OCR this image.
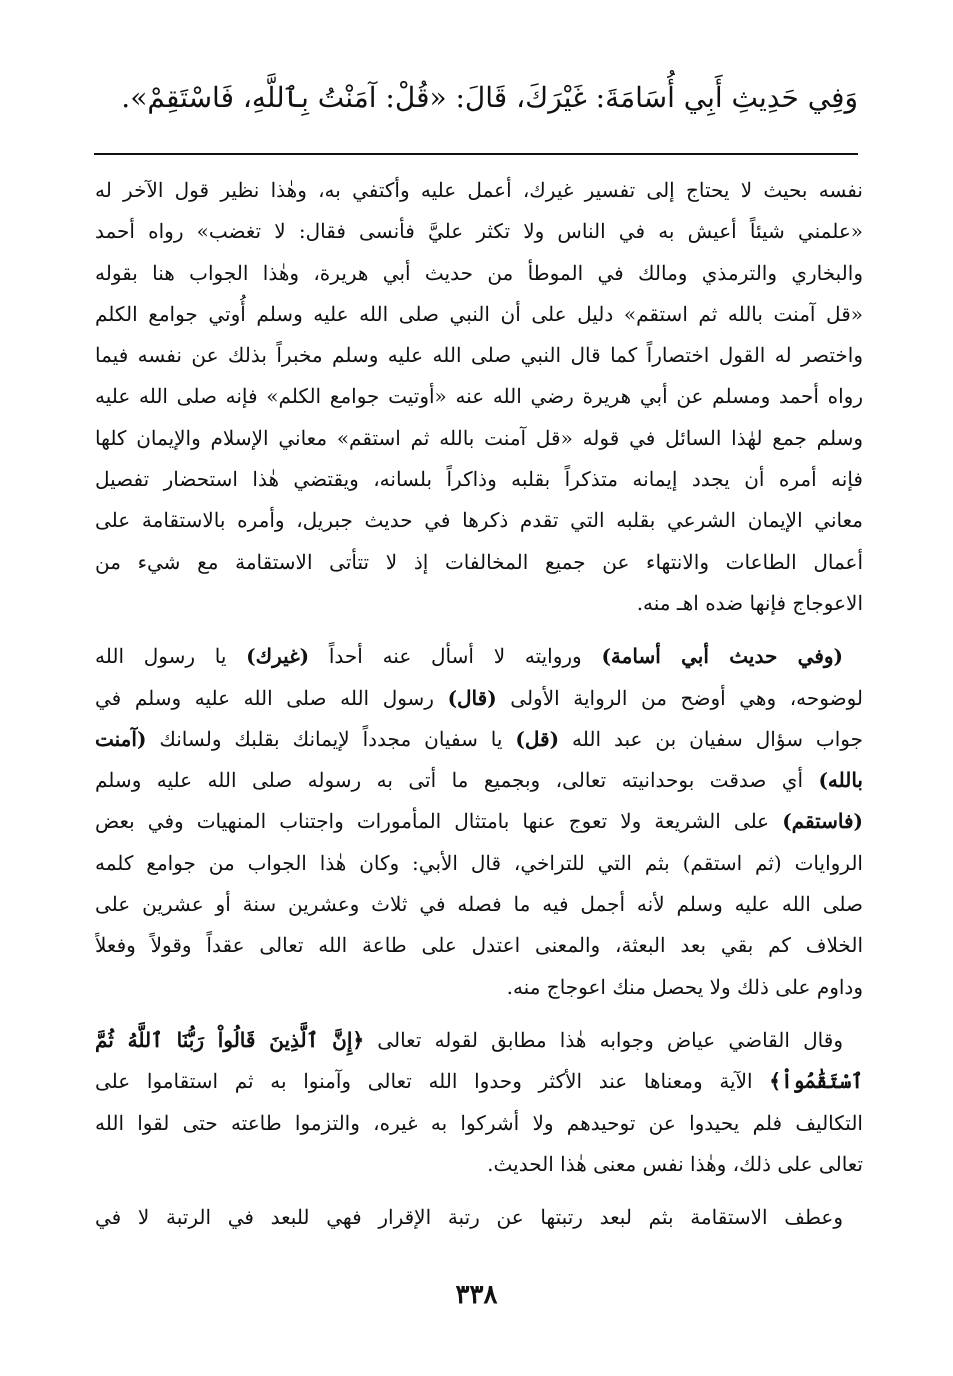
وَفِي حَدِيثِ أَبِي أُسَامَةَ: غَيْرَكَ، قَالَ: «قُلْ: آمَنْتُ بِٱللَّهِ، فَاسْتَقِمْ».
نفسه بحيث لا يحتاج إلى تفسير غيرك، أعمل عليه وأكتفي به، وهٰذا نظير قول الآخر له
«علمني شيئاً أعيش به في الناس ولا تكثر عليَّ فأنسى فقال: لا تغضب» رواه أحمد
والبخاري والترمذي ومالك في الموطأ من حديث أبي هريرة، وهٰذا الجواب هنا بقوله
«قل آمنت بالله ثم استقم» دليل على أن النبي صلى الله عليه وسلم أُوتي جوامع الكلم
واختصر له القول اختصاراً كما قال النبي صلى الله عليه وسلم مخبراً بذلك عن نفسه فيما
رواه أحمد ومسلم عن أبي هريرة رضي الله عنه «أوتيت جوامع الكلم» فإنه صلى الله عليه
وسلم جمع لهٰذا السائل في قوله «قل آمنت بالله ثم استقم» معاني الإسلام والإيمان كلها
فإنه أمره أن يجدد إيمانه متذكراً بقلبه وذاكراً بلسانه، ويقتضي هٰذا استحضار تفصيل
معاني الإيمان الشرعي بقلبه التي تقدم ذكرها في حديث جبريل، وأمره بالاستقامة على
أعمال الطاعات والانتهاء عن جميع المخالفات إذ لا تتأتى الاستقامة مع شيء من
الاعوجاج فإنها ضده اهـ منه.
 (وفي حديث أبي أسامة) وروايته لا أسأل عنه أحداً (غيرك) يا رسول الله
لوضوحه، وهي أوضح من الرواية الأولى (قال) رسول الله صلى الله عليه وسلم في
جواب سؤال سفيان بن عبد الله (قل) يا سفيان مجدداً لإيمانك بقلبك ولسانك (آمنت
بالله) أي صدقت بوحدانيته تعالى، وبجميع ما أتى به رسوله صلى الله عليه وسلم
(فاستقم) على الشريعة ولا تعوج عنها بامتثال المأمورات واجتناب المنهيات وفي بعض
الروايات (ثم استقم) بثم التي للتراخي، قال الأبي: وكان هٰذا الجواب من جوامع كلمه
صلى الله عليه وسلم لأنه أجمل فيه ما فصله في ثلاث وعشرين سنة أو عشرين على
الخلاف كم بقي بعد البعثة، والمعنى اعتدل على طاعة الله تعالى عقداً وقولاً وفعلاً
وداوم على ذلك ولا يحصل منك اعوجاج منه.
 وقال القاضي عياض وجوابه هٰذا مطابق لقوله تعالى ﴿إِنَّ ٱلَّذِينَ قَالُواْ رَبُّنَا ٱللَّهُ ثُمَّ
ٱسْتَقَٰمُواْ﴾ الآية ومعناها عند الأكثر وحدوا الله تعالى وآمنوا به ثم استقاموا على
التكاليف فلم يحيدوا عن توحيدهم ولا أشركوا به غيره، والتزموا طاعته حتى لقوا الله
تعالى على ذلك، وهٰذا نفس معنى هٰذا الحديث.
 وعطف الاستقامة بثم لبعد رتبتها عن رتبة الإقرار فهي للبعد في الرتبة لا في
٣٣٨
